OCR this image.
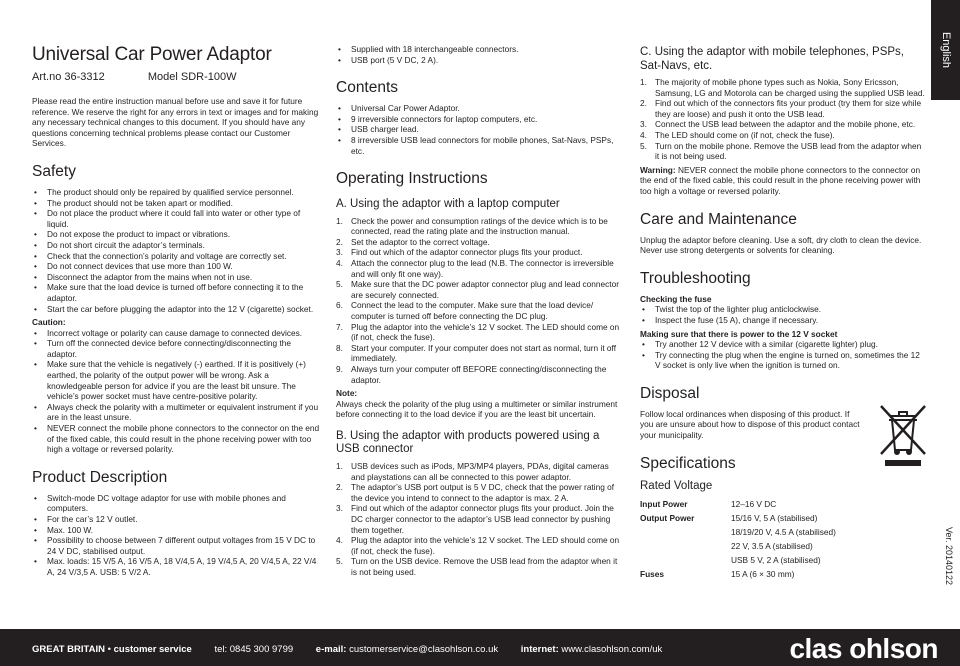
English
Ver. 20140122
Universal Car Power Adaptor
Art.no 36-3312	Model SDR-100W

Please read the entire instruction manual before use and save it for future reference. We reserve the right for any errors in text or images and for making any necessary technical changes to this document. If you should have any questions concerning technical problems please contact our Customer Services.

Safety
• The product should only be repaired by qualified service personnel.
• The product should not be taken apart or modified.
• Do not place the product where it could fall into water or other type of liquid.
• Do not expose the product to impact or vibrations.
• Do not short circuit the adaptor’s terminals.
• Check that the connection’s polarity and voltage are correctly set.
• Do not connect devices that use more than 100 W.
• Disconnect the adaptor from the mains when not in use.
• Make sure that the load device is turned off before connecting it to the adaptor.
• Start the car before plugging the adaptor into the 12 V (cigarette) socket.

Caution:

• Incorrect voltage or polarity can cause damage to connected devices.
• Turn off the connected device before connecting/disconnecting the adaptor.
• Make sure that the vehicle is negatively (-) earthed. If it is positively (+) earthed, the polarity of the output power will be wrong. Ask a knowledgeable person for advice if you are the least bit unsure. The vehicle’s power socket must have centre-positive polarity.
• Always check the polarity with a multimeter or equivalent instrument if you are in the least unsure.
• NEVER connect the mobile phone connectors to the connector on the end of the fixed cable, this could result in the phone receiving power with too high a voltage or reversed polarity.
Product Description
• Switch-mode DC voltage adaptor for use with mobile phones and computers.
• For the car’s 12 V outlet.
• Max. 100 W.
• Possibility to choose between 7 different output voltages from 15 V DC to 24 V DC, stabilised output.
• Max. loads: 15 V/5 A, 16 V/5 A, 18 V/4,5 A, 19 V/4,5 A, 20 V/4,5 A, 22 V/4 A, 24 V/3,5 A. USB: 5 V/2 A.
• Supplied with 18 interchangeable connectors.
• USB port (5 V DC, 2 A).
Contents
• Universal Car Power Adaptor.
• 9 irreversible connectors for laptop computers, etc.
• USB charger lead.
• 8 irreversible USB lead connectors for mobile phones, Sat-Navs, PSPs, etc.
Operating Instructions
A. Using the adaptor with a laptop computer
1. Check the power and consumption ratings of the device which is to be connected, read the rating plate and the instruction manual.
2. Set the adaptor to the correct voltage.
3. Find out which of the adaptor connector plugs fits your product.
4. Attach the connector plug to the lead (N.B. The connector is irreversible and will only fit one way).
5. Make sure that the DC power adaptor connector plug and lead connector are securely connected.
6. Connect the lead to the computer. Make sure that the load device/ computer is turned off before connecting the DC plug.
7. Plug the adaptor into the vehicle’s 12 V socket. The LED should come on (if not, check the fuse).
8. Start your computer. If your computer does not start as normal, turn it off immediately.
9. Always turn your computer off BEFORE connecting/disconnecting the adaptor.

Note:

Always check the polarity of the plug using a multimeter or similar instrument before connecting it to the load device if you are the least bit uncertain.

B. Using the adaptor with products powered using a USB connector
1. USB devices such as iPods, MP3/MP4 players, PDAs, digital cameras and playstations can all be connected to this power adaptor.
2. The adaptor’s USB port output is 5 V DC, check that the power rating of the device you intend to connect to the adaptor is max. 2 A.
3. Find out which of the adaptor connector plugs fits your product. Join the DC charger connector to the adaptor’s USB lead connector by pushing them together.
4. Plug the adaptor into the vehicle’s 12 V socket. The LED should come on (if not, check the fuse).
5. Turn on the USB device. Remove the USB lead from the adaptor when it is not being used.
C. Using the adaptor with mobile telephones, PSPs, Sat-Navs, etc.
1. The majority of mobile phone types such as Nokia, Sony Ericsson, Samsung, LG and Motorola can be charged using the supplied USB lead.
2. Find out which of the connectors fits your product (try them for size while they are loose) and push it onto the USB lead.
3. Connect the USB lead between the adaptor and the mobile phone, etc.
4. The LED should come on (if not, check the fuse).
5. Turn on the mobile phone. Remove the USB lead from the adaptor when it is not being used.

Warning: NEVER connect the mobile phone connectors to the connector on the end of the fixed cable, this could result in the phone receiving power with too high a voltage or reversed polarity.

Care and Maintenance

Unplug the adaptor before cleaning. Use a soft, dry cloth to clean the device. Never use strong detergents or solvents for cleaning.

Troubleshooting

Checking the fuse

• Twist the top of the lighter plug anticlockwise.
• Inspect the fuse (15 A), change if necessary.

Making sure that there is power to the 12 V socket

• Try another 12 V device with a similar (cigarette lighter) plug.
• Try connecting the plug when the engine is turned on, sometimes the 12 V socket is only live when the ignition is turned on.
Disposal

Follow local ordinances when disposing of this product. If you are unsure about how to dispose of this product contact your municipality.

Specifications
Rated Voltage
Input Power	12–16 V DC
Output Power	15/16 V, 5 A (stabilised)
18/19/20 V, 4.5 A (stabilised)
22 V, 3.5 A (stabilised)
USB 5 V, 2 A (stabilised)
Fuses	15 A (6 × 30 mm)
GREAT BRITAIN • customer service tel: 0845 300 9799 e-mail: customerservice@clasohlson.co.uk internet: www.clasohlson.com/uk	clas ohlson
